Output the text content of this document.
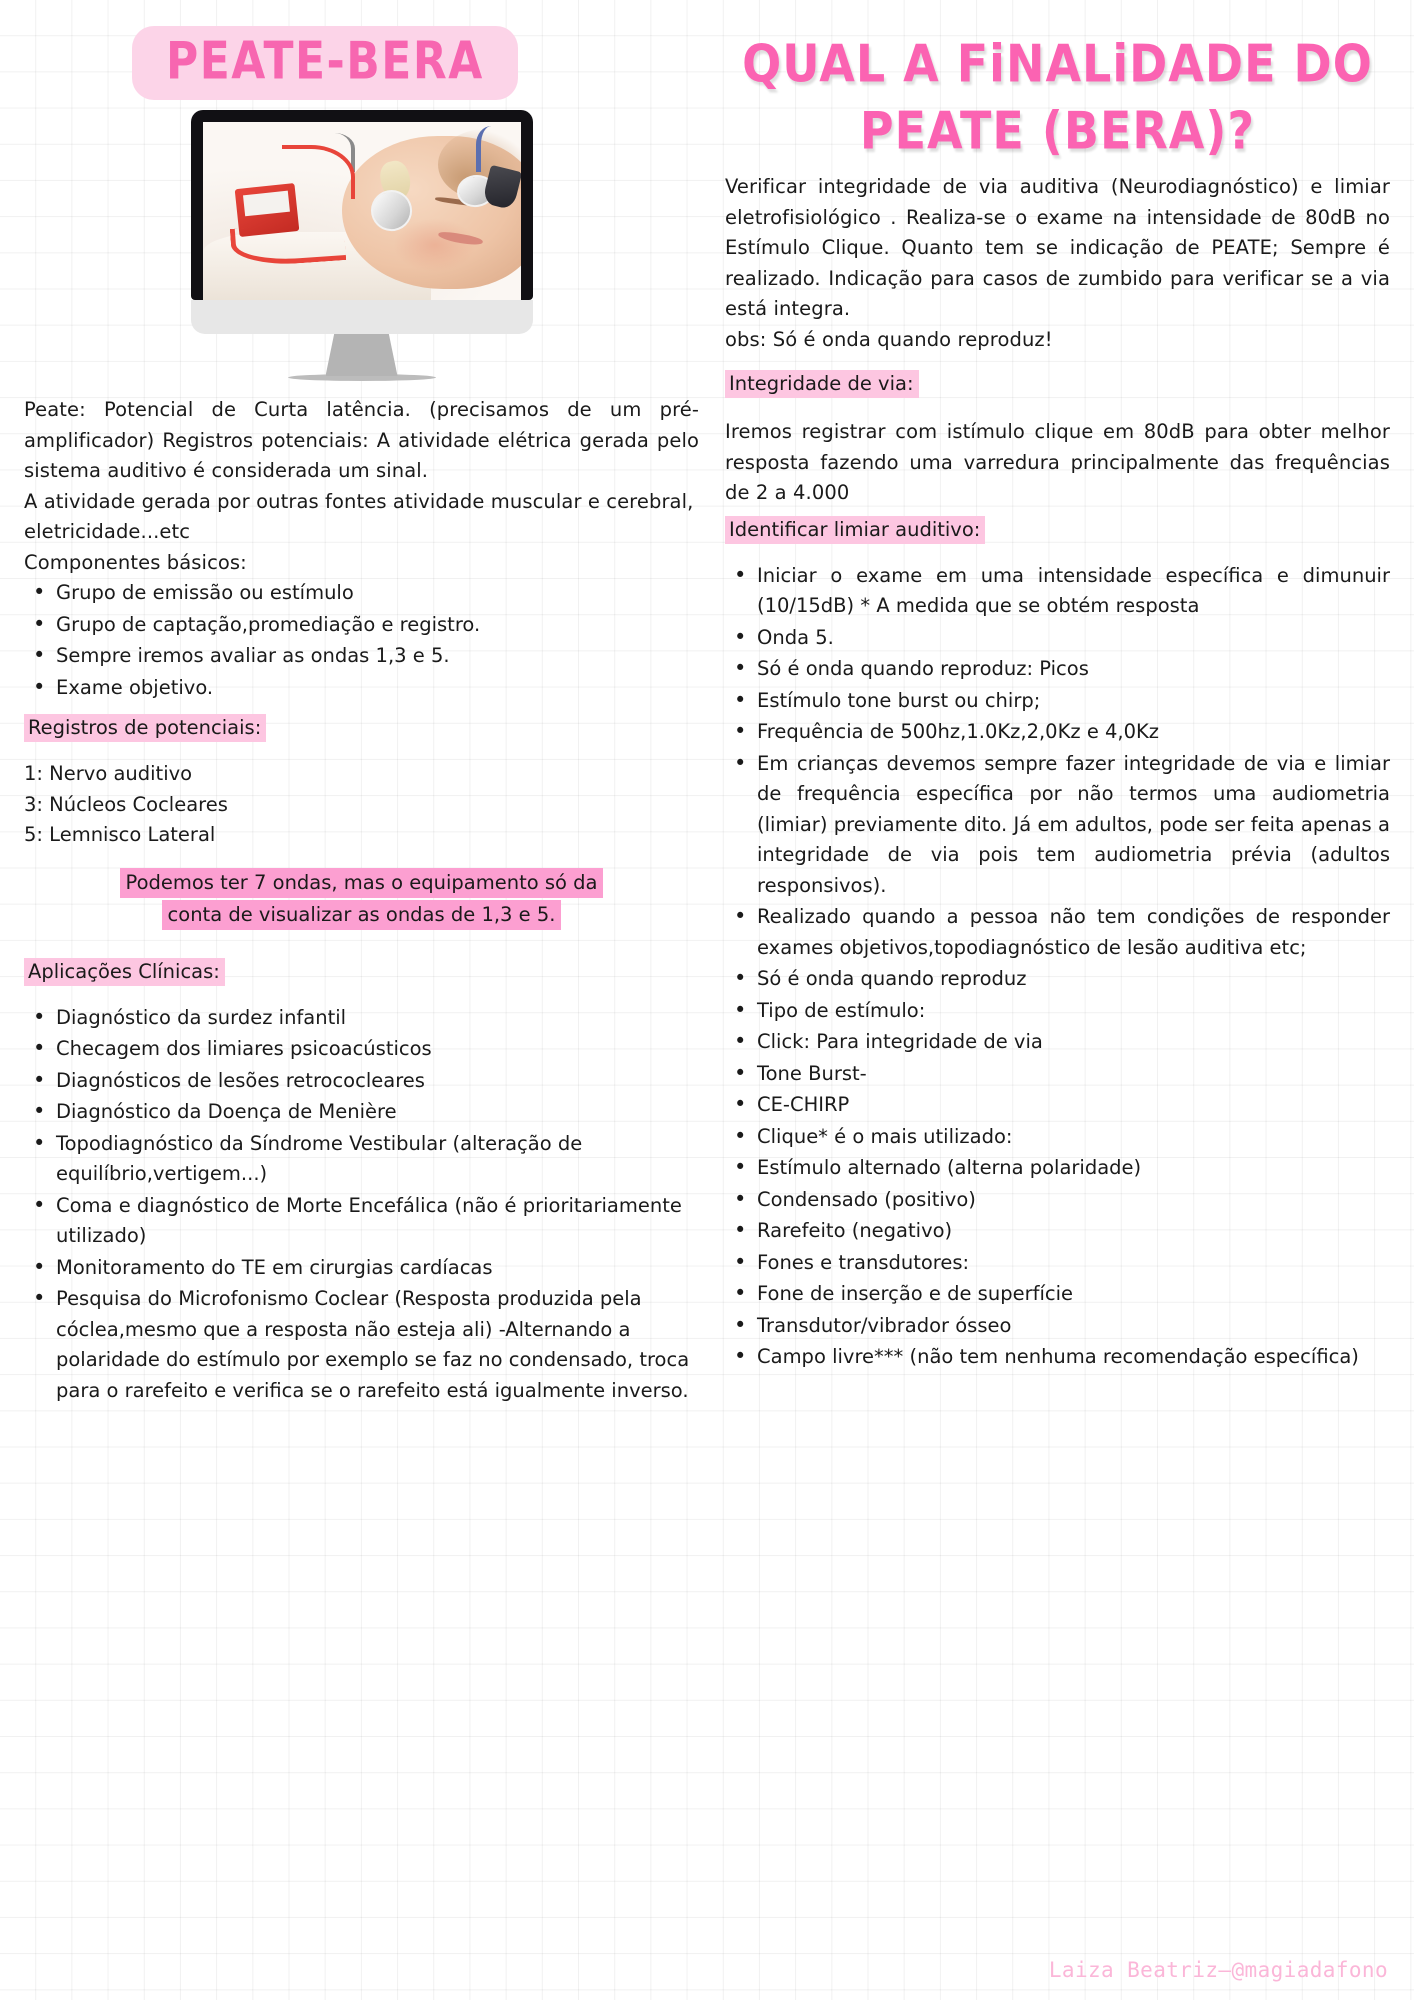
PEATE-BERA

Peate: Potencial de Curta latência. (precisamos de um pré-amplificador) Registros potenciais: A atividade elétrica gerada pelo sistema auditivo é considerada um sinal.

A atividade gerada por outras fontes atividade muscular e cerebral, eletricidade...etc

Componentes básicos:

• Grupo de emissão ou estímulo
• Grupo de captação,promediação e registro.
• Sempre iremos avaliar as ondas 1,3 e 5.
• Exame objetivo.
Registros de potenciais:
1: Nervo auditivo
3: Núcleos Cocleares
5: Lemnisco Lateral
Podemos ter 7 ondas, mas o equipamento só da
conta de visualizar as ondas de 1,3 e 5.
Aplicações Clínicas:
• Diagnóstico da surdez infantil
• Checagem dos limiares psicoacústicos
• Diagnósticos de lesões retrococleares
• Diagnóstico da Doença de Menière
• Topodiagnóstico da Síndrome Vestibular (alteração de equilíbrio,vertigem...)
• Coma e diagnóstico de Morte Encefálica (não é prioritariamente utilizado)
• Monitoramento do TE em cirurgias cardíacas
• Pesquisa do Microfonismo Coclear (Resposta produzida pela cóclea,mesmo que a resposta não esteja ali) -Alternando a polaridade do estímulo por exemplo se faz no condensado, troca para o rarefeito e verifica se o rarefeito está igualmente inverso.
QUAL A FiNALiDADE DO
PEATE (BERA)?

Verificar integridade de via auditiva (Neurodiagnóstico) e limiar eletrofisiológico . Realiza-se o exame na intensidade de 80dB no Estímulo Clique. Quanto tem se indicação de PEATE; Sempre é realizado. Indicação para casos de zumbido para verificar se a via está integra.

obs: Só é onda quando reproduz!

Integridade de via:

Iremos registrar com istímulo clique em 80dB para obter melhor resposta fazendo uma varredura principalmente das frequências de 2 a 4.000

Identificar limiar auditivo:
• Iniciar o exame em uma intensidade específica e dimunuir (10/15dB) * A medida que se obtém resposta
• Onda 5.
• Só é onda quando reproduz: Picos
• Estímulo tone burst ou chirp;
• Frequência de 500hz,1.0Kz,2,0Kz e 4,0Kz
• Em crianças devemos sempre fazer integridade de via e limiar de frequência específica por não termos uma audiometria (limiar) previamente dito. Já em adultos, pode ser feita apenas a integridade de via pois tem audiometria prévia (adultos responsivos).
• Realizado quando a pessoa não tem condições de responder exames objetivos,topodiagnóstico de lesão auditiva etc;
• Só é onda quando reproduz
• Tipo de estímulo:
• Click: Para integridade de via
• Tone Burst-
• CE-CHIRP
• Clique* é o mais utilizado:
• Estímulo alternado (alterna polaridade)
• Condensado (positivo)
• Rarefeito (negativo)
• Fones e transdutores:
• Fone de inserção e de superfície
• Transdutor/vibrador ósseo
• Campo livre*** (não tem nenhuma recomendação específica)
Laiza Beatriz–@magiadafono
